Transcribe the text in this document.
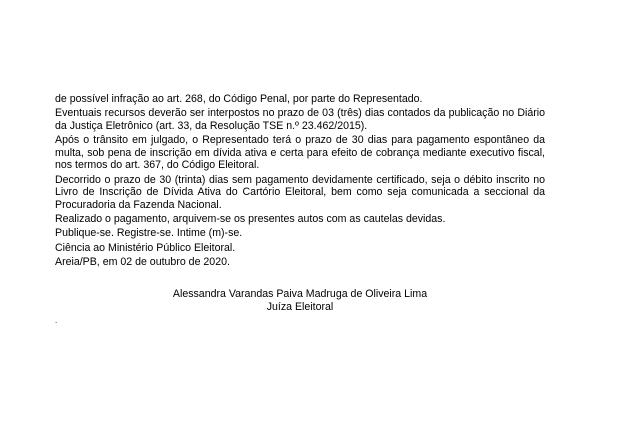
de possível infração ao art. 268, do Código Penal, por parte do Representado.

Eventuais recursos deverão ser interpostos no prazo de 03 (três) dias contados da publicação no Diário da Justiça Eletrônico (art. 33, da Resolução TSE n.º 23.462/2015).

Após o trânsito em julgado, o Representado terá o prazo de 30 dias para pagamento espontâneo da multa, sob pena de inscrição em dívida ativa e certa para efeito de cobrança mediante executivo fiscal, nos termos do art. 367, do Código Eleitoral.

Decorrido o prazo de 30 (trinta) dias sem pagamento devidamente certificado, seja o débito inscrito no Livro de Inscrição de Dívida Ativa do Cartório Eleitoral, bem como seja comunicada a seccional da Procuradoria da Fazenda Nacional.

Realizado o pagamento, arquivem-se os presentes autos com as cautelas devidas.

Publique-se. Registre-se. Intime (m)-se.

Ciência ao Ministério Público Eleitoral.

Areia/PB, em 02 de outubro de 2020.

Alessandra Varandas Paiva Madruga de Oliveira Lima

Juíza Eleitoral

.
